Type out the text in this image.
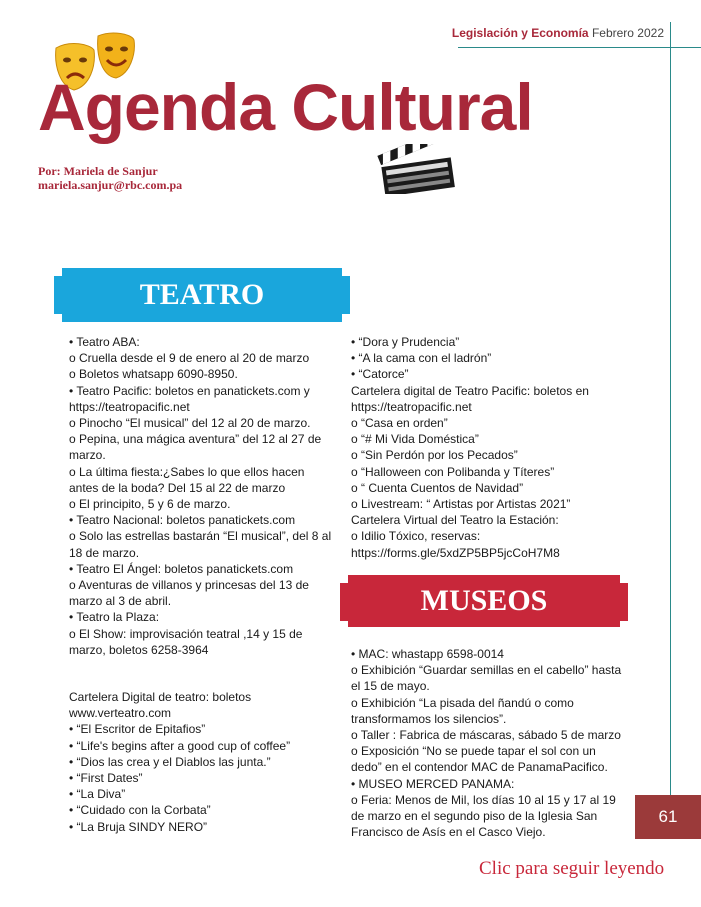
Legislación y Economía Febrero 2022
Agenda Cultural
Por: Mariela de Sanjur
mariela.sanjur@rbc.com.pa
TEATRO
• Teatro ABA:
o Cruella desde el 9 de enero al 20 de marzo
o Boletos whatsapp 6090-8950.
• Teatro Pacific: boletos en panatickets.com y https://teatropacific.net
o Pinocho “El musical” del 12 al 20 de marzo.
o Pepina, una mágica aventura” del 12 al 27 de marzo.
o La última fiesta:¿Sabes lo que ellos hacen antes de la boda? Del 15 al 22 de marzo
o El principito, 5 y 6 de marzo.
• Teatro Nacional: boletos panatickets.com
o Solo las estrellas bastarán “El musical”, del 8 al 18 de marzo.
• Teatro El Ángel: boletos panatickets.com
o Aventuras de villanos y princesas del 13 de marzo al 3 de abril.
• Teatro la Plaza:
o El Show: improvisación teatral ,14 y 15 de marzo, boletos 6258-3964
Cartelera Digital de teatro: boletos www.verteatro.com
• “El Escritor de Epitafios”
• “Life's begins after a good cup of coffee”
• “Dios las crea y el Diablos las junta.”
• “First Dates”
• “La Diva”
• “Cuidado con la Corbata”
• “La Bruja SINDY NERO”
• “Dora y Prudencia”
• “A la cama con el ladrón”
• “Catorce”
Cartelera digital de Teatro Pacific: boletos en https://teatropacific.net
o “Casa en orden”
o “# Mi Vida Doméstica”
o “Sin Perdón por los Pecados”
o “Halloween con Polibanda y Títeres”
o “ Cuenta Cuentos de Navidad”
o Livestream: “ Artistas por Artistas 2021”
Cartelera Virtual del Teatro la Estación:
o Idilio Tóxico, reservas: https://forms.gle/5xdZP5BP5jcCoH7M8
MUSEOS
• MAC: whastapp 6598-0014
o Exhibición “Guardar semillas en el cabello” hasta el 15 de mayo.
o Exhibición “La pisada del ñandú o como transformamos los silencios”.
o Taller : Fabrica de máscaras, sábado 5 de marzo
o Exposición “No se puede tapar el sol con un dedo” en el contendor MAC de PanamaPacifico.
• MUSEO MERCED PANAMA:
o Feria: Menos de Mil, los días 10 al 15 y 17 al 19 de marzo en el segundo piso de la Iglesia San Francisco de Asís en el Casco Viejo.
61
Clic para seguir leyendo
